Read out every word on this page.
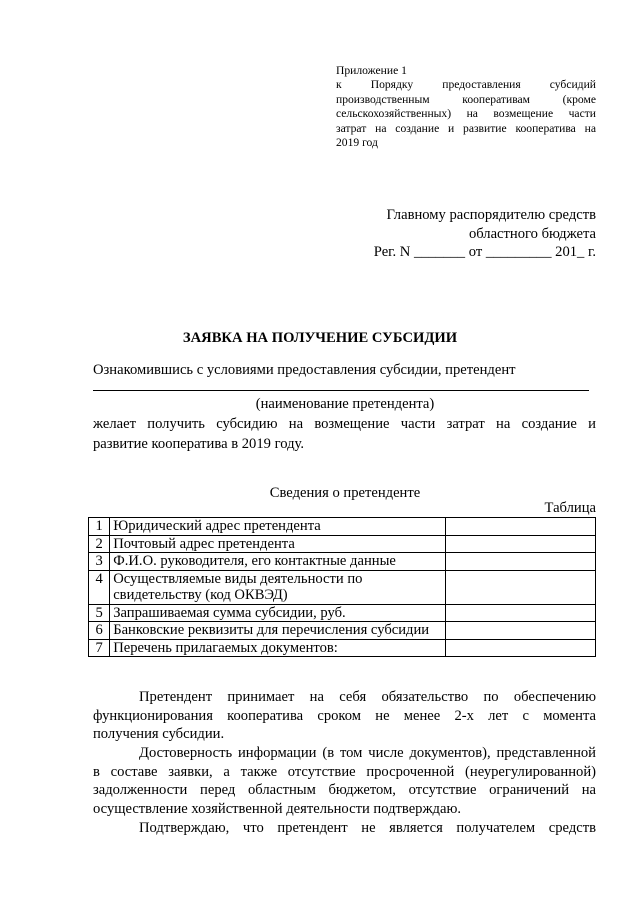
Приложение 1
к Порядку предоставления субсидий
производственным кооперативам (кроме
сельскохозяйственных) на возмещение части
затрат на создание и развитие кооператива на
2019 год
Главному распорядителю средств
областного бюджета
Рег. N _______ от _________ 201_ г.
ЗАЯВКА НА ПОЛУЧЕНИЕ СУБСИДИИ
Ознакомившись с условиями предоставления субсидии, претендент
(наименование претендента)
желает получить субсидию на возмещение части затрат на создание и
развитие кооператива в 2019 году.
Сведения о претенденте
Таблица
1	Юридический адрес претендента	
2	Почтовый адрес претендента	
3	Ф.И.О. руководителя, его контактные данные	
4	Осуществляемые виды деятельности по свидетельству (код ОКВЭД)	
5	Запрашиваемая сумма субсидии, руб.	
6	Банковские реквизиты для перечисления субсидии	
7	Перечень прилагаемых документов:	
Претендент принимает на себя обязательство по обеспечению
функционирования кооператива сроком не менее 2-х лет с момента
получения субсидии.
Достоверность информации (в том числе документов), представленной
в составе заявки, а также отсутствие просроченной (неурегулированной)
задолженности перед областным бюджетом, отсутствие ограничений на
осуществление хозяйственной деятельности подтверждаю.
Подтверждаю, что претендент не является получателем средств
